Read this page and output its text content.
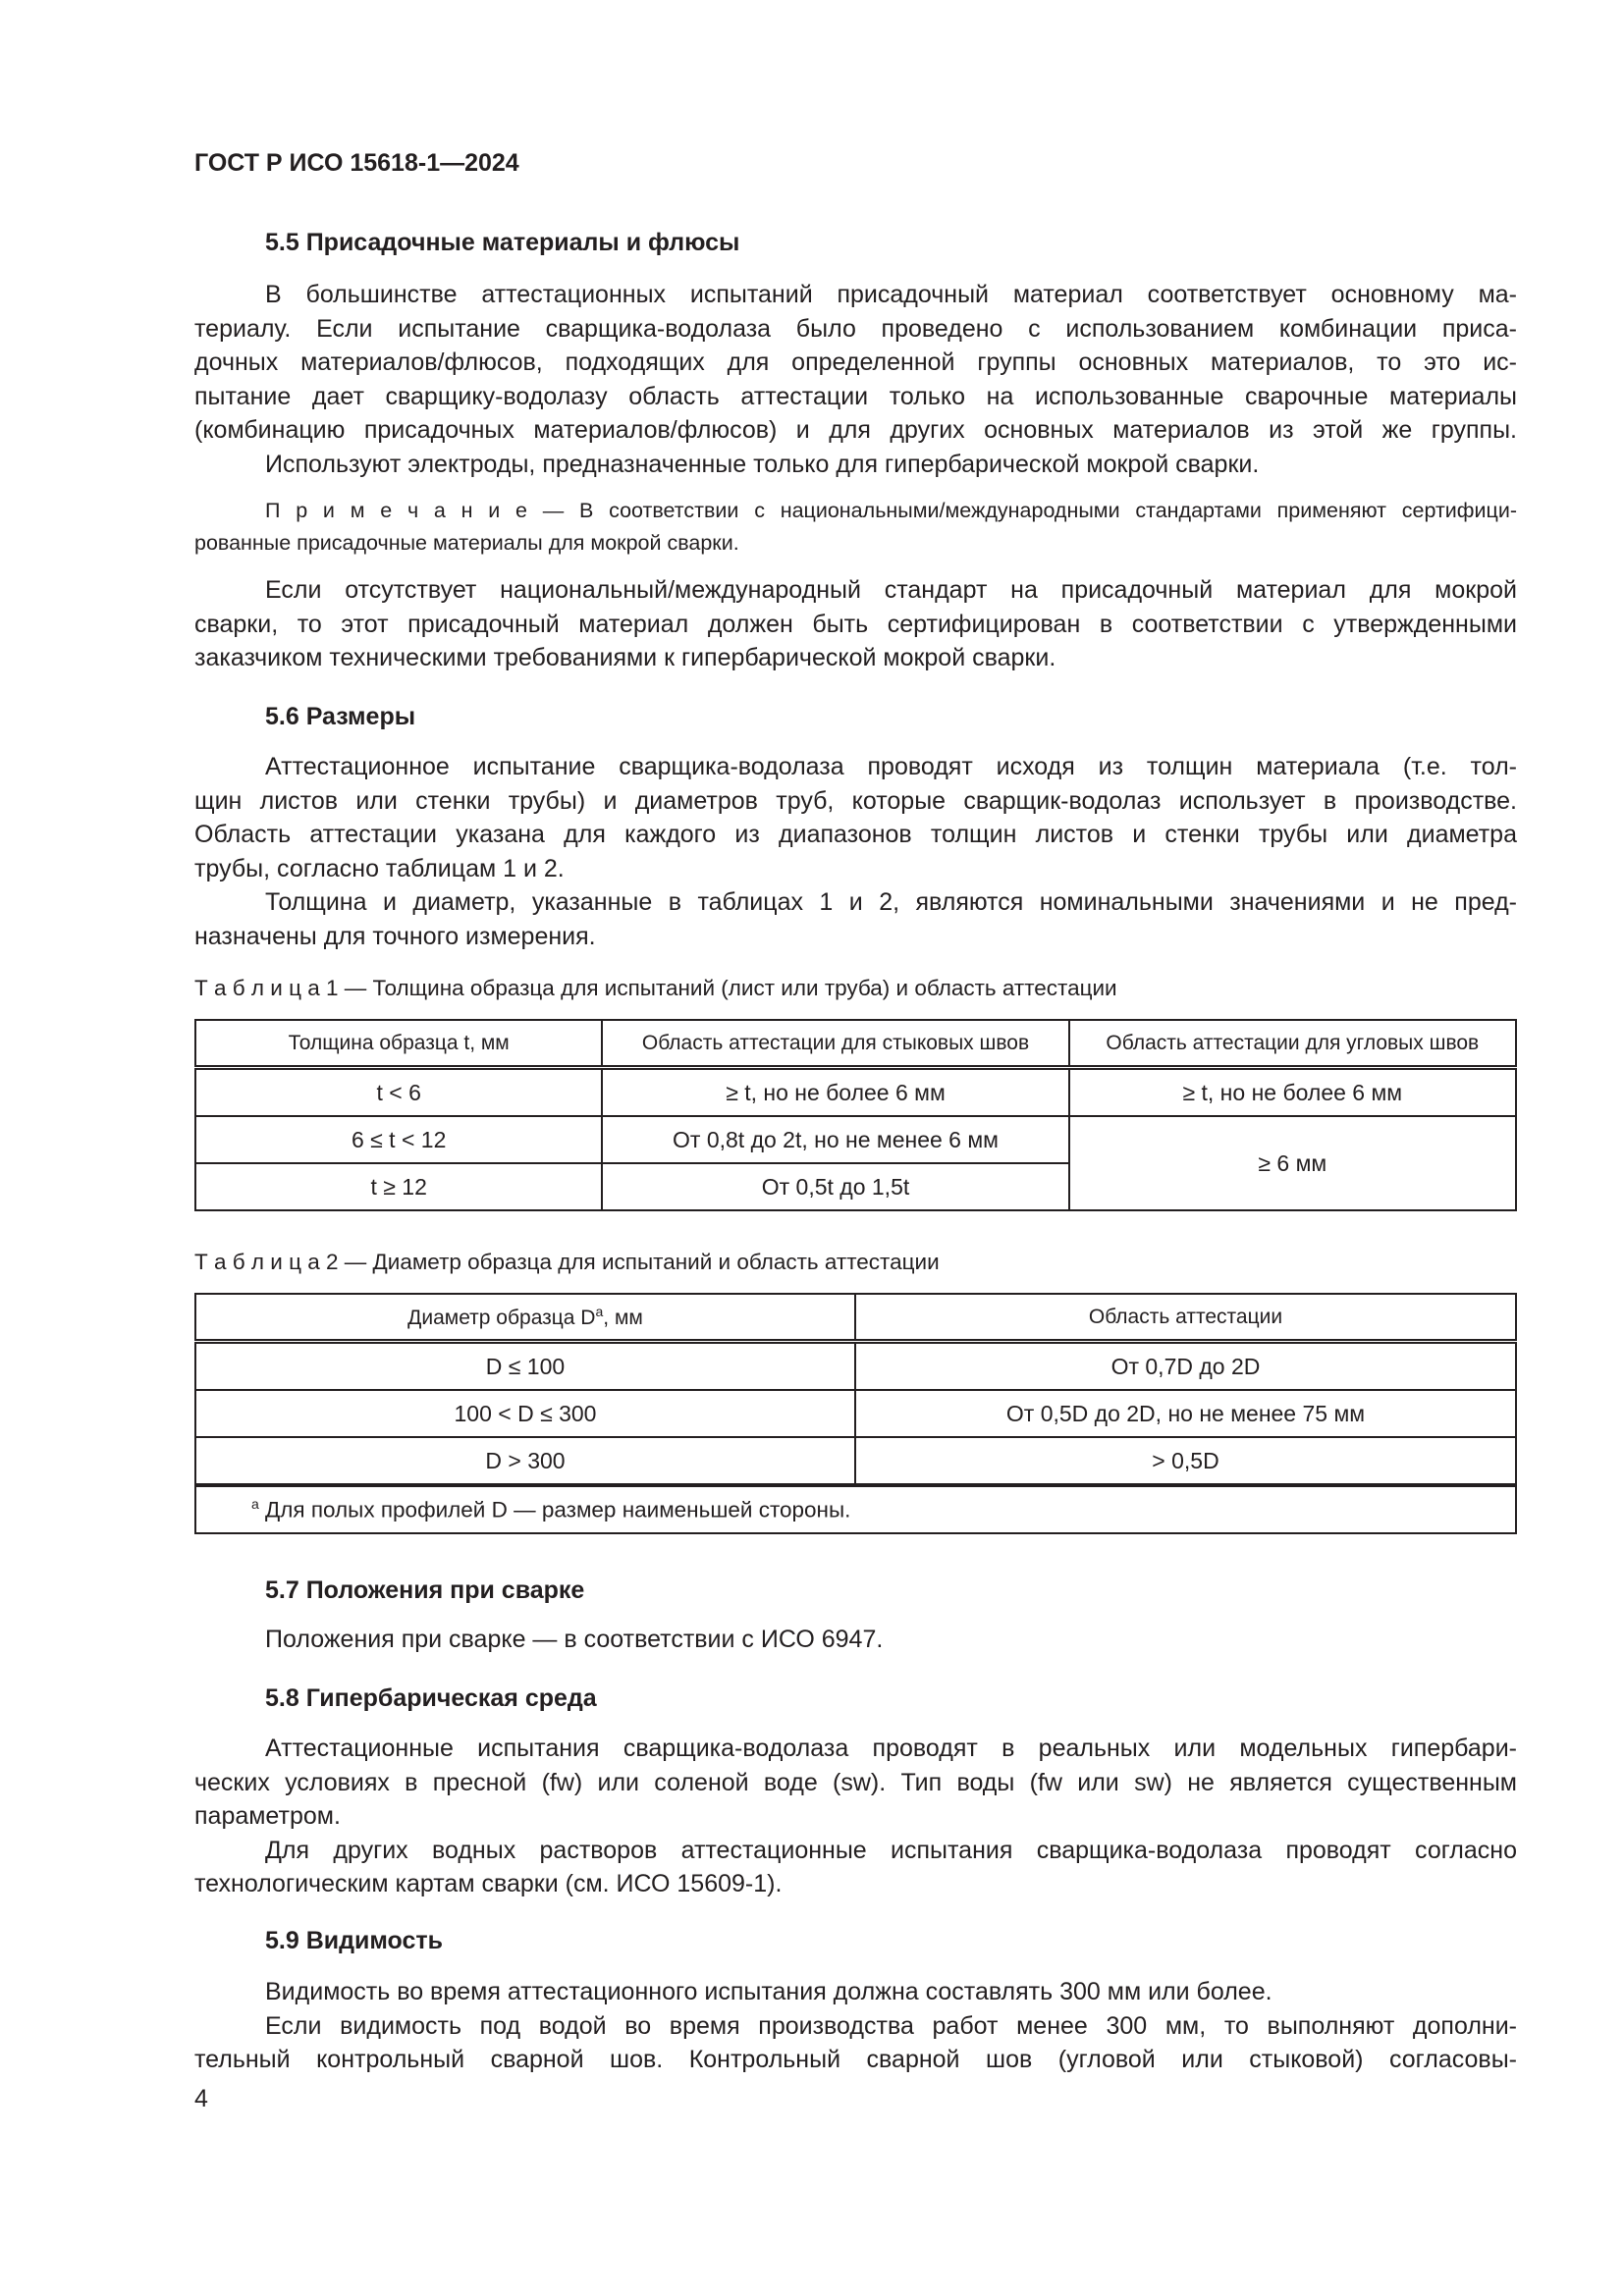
ГОСТ Р ИСО 15618-1—2024
5.5 Присадочные материалы и флюсы
В большинстве аттестационных испытаний присадочный материал соответствует основному ма-
териалу. Если испытание сварщика-водолаза было проведено с использованием комбинации приса-
дочных материалов/флюсов, подходящих для определенной группы основных материалов, то это ис-
пытание дает сварщику-водолазу область аттестации только на использованные сварочные материалы
(комбинацию присадочных материалов/флюсов) и для других основных материалов из этой же группы.
Используют электроды, предназначенные только для гипербарической мокрой сварки.
П р и м е ч а н и е — В соответствии с национальными/международными стандартами применяют сертифици-
рованные присадочные материалы для мокрой сварки.
Если отсутствует национальный/международный стандарт на присадочный материал для мокрой
сварки, то этот присадочный материал должен быть сертифицирован в соответствии с утвержденными
заказчиком техническими требованиями к гипербарической мокрой сварки.
5.6 Размеры
Аттестационное испытание сварщика-водолаза проводят исходя из толщин материала (т.е. тол-
щин листов или стенки трубы) и диаметров труб, которые сварщик-водолаз использует в производстве.
Область аттестации указана для каждого из диапазонов толщин листов и стенки трубы или диаметра
трубы, согласно таблицам 1 и 2.
Толщина и диаметр, указанные в таблицах 1 и 2, являются номинальными значениями и не пред-
назначены для точного измерения.
Т а б л и ц а 1 — Толщина образца для испытаний (лист или труба) и область аттестации
Толщина образца t, мм	Область аттестации для стыковых швов	Область аттестации для угловых швов
t < 6	≥ t, но не более 6 мм	≥ t, но не более 6 мм
6 ≤ t < 12	От 0,8t до 2t, но не менее 6 мм	≥ 6 мм
t ≥ 12	От 0,5t до 1,5t	
Т а б л и ц а 2 — Диаметр образца для испытаний и область аттестации
Диаметр образца $D^a$, мм	Область аттестации
D ≤ 100	От 0,7D до 2D
100 < D ≤ 300	От 0,5D до 2D, но не менее 75 мм
D > 300	> 0,5D
$^a$ Для полых профилей D — размер наименьшей стороны.	
5.7 Положения при сварке
Положения при сварке — в соответствии с ИСО 6947.
5.8 Гипербарическая среда
Аттестационные испытания сварщика-водолаза проводят в реальных или модельных гипербари-
ческих условиях в пресной (fw) или соленой воде (sw). Тип воды (fw или sw) не является существенным
параметром.
Для других водных растворов аттестационные испытания сварщика-водолаза проводят согласно
технологическим картам сварки (см. ИСО 15609-1).
5.9 Видимость
Видимость во время аттестационного испытания должна составлять 300 мм или более.
Если видимость под водой во время производства работ менее 300 мм, то выполняют дополни-
тельный контрольный сварной шов. Контрольный сварной шов (угловой или стыковой) согласовы-
4
